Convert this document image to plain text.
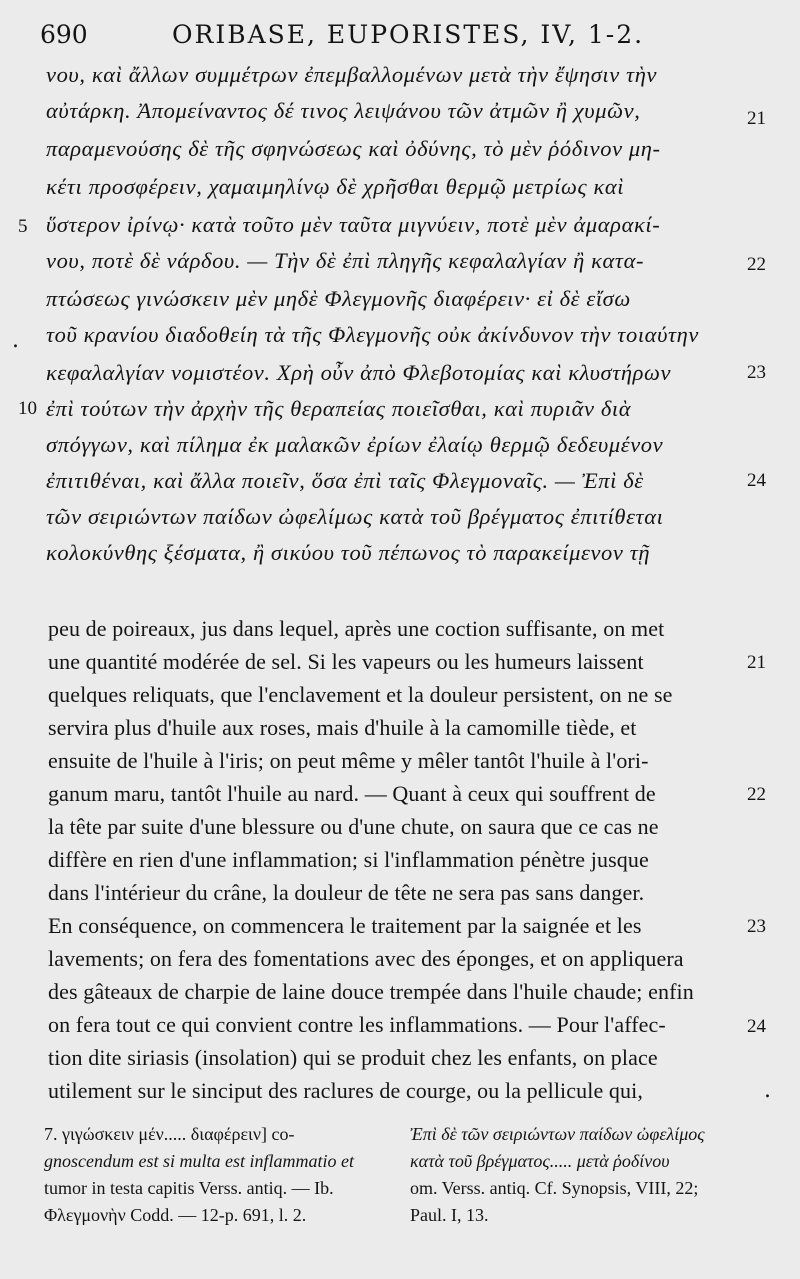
690	ORIBASE, EUPORISTES, IV, 1-2.
νου, καὶ ἄλλων συμμέτρων ἐπεμβαλλομένων μετὰ τὴν ἔψησιν τὴν
αὐτάρκη. Ἀπομείναντος δέ τινος λειψάνου τῶν ἀτμῶν ἢ χυμῶν,
παραμενούσης δὲ τῆς σφηνώσεως καὶ ὀδύνης, τὸ μὲν ῥόδινον μη-
κέτι προσφέρειν, χαμαιμηλίνῳ δὲ χρῆσθαι θερμῷ μετρίως καὶ
ὕστερον ἰρίνῳ· κατὰ τοῦτο μὲν ταῦτα μιγνύειν, ποτὲ μὲν ἀμαρακί-
νου, ποτὲ δὲ νάρδου. — Τὴν δὲ ἐπὶ πληγῆς κεφαλαλγίαν ἢ κατα-
πτώσεως γινώσκειν μὲν μηδὲ Φλεγμονῆς διαφέρειν· εἰ δὲ εἴσω
τοῦ κρανίου διαδοθείη τὰ τῆς Φλεγμονῆς οὐκ ἀκίνδυνον τὴν τοιαύτην
κεφαλαλγίαν νομιστέον. Χρὴ οὖν ἀπὸ Φλεβοτομίας καὶ κλυστήρων
ἐπὶ τούτων τὴν ἀρχὴν τῆς θεραπείας ποιεῖσθαι, καὶ πυριᾶν διὰ
σπόγγων, καὶ πίλημα ἐκ μαλακῶν ἐρίων ἐλαίῳ θερμῷ δεδευμένον
ἐπιτιθέναι, καὶ ἄλλα ποιεῖν, ὅσα ἐπὶ ταῖς Φλεγμοναῖς. — Ἐπὶ δὲ
τῶν σειριώντων παίδων ὠφελίμως κατὰ τοῦ βρέγματος ἐπιτίθεται
κολοκύνθης ξέσματα, ἢ σικύου τοῦ πέπωνος τὸ παρακείμενον τῇ
5
10
.
21
22
23
24
peu de poireaux, jus dans lequel, après une coction suffisante, on met
une quantité modérée de sel. Si les vapeurs ou les humeurs laissent
quelques reliquats, que l'enclavement et la douleur persistent, on ne se
servira plus d'huile aux roses, mais d'huile à la camomille tiède, et
ensuite de l'huile à l'iris; on peut même y mêler tantôt l'huile à l'ori-
ganum maru, tantôt l'huile au nard. — Quant à ceux qui souffrent de
la tête par suite d'une blessure ou d'une chute, on saura que ce cas ne
diffère en rien d'une inflammation; si l'inflammation pénètre jusque
dans l'intérieur du crâne, la douleur de tête ne sera pas sans danger.
En conséquence, on commencera le traitement par la saignée et les
lavements; on fera des fomentations avec des éponges, et on appliquera
des gâteaux de charpie de laine douce trempée dans l'huile chaude; enfin
on fera tout ce qui convient contre les inflammations. — Pour l'affec-
tion dite siriasis (insolation) qui se produit chez les enfants, on place
utilement sur le sinciput des raclures de courge, ou la pellicule qui,
21
22
23
24
.
7. γιγώσκειν μέν..... διαφέρειν] co-
gnoscendum est si multa est inflammatio et
tumor in testa capitis Verss. antiq. — Ib.
Φλεγμονὴν Codd. — 12-p. 691, l. 2.
Ἐπὶ δὲ τῶν σειριώντων παίδων ὠφελίμος
κατὰ τοῦ βρέγματος..... μετὰ ῥοδίνου
om. Verss. antiq. Cf. Synopsis, VIII, 22;
Paul. I, 13.
